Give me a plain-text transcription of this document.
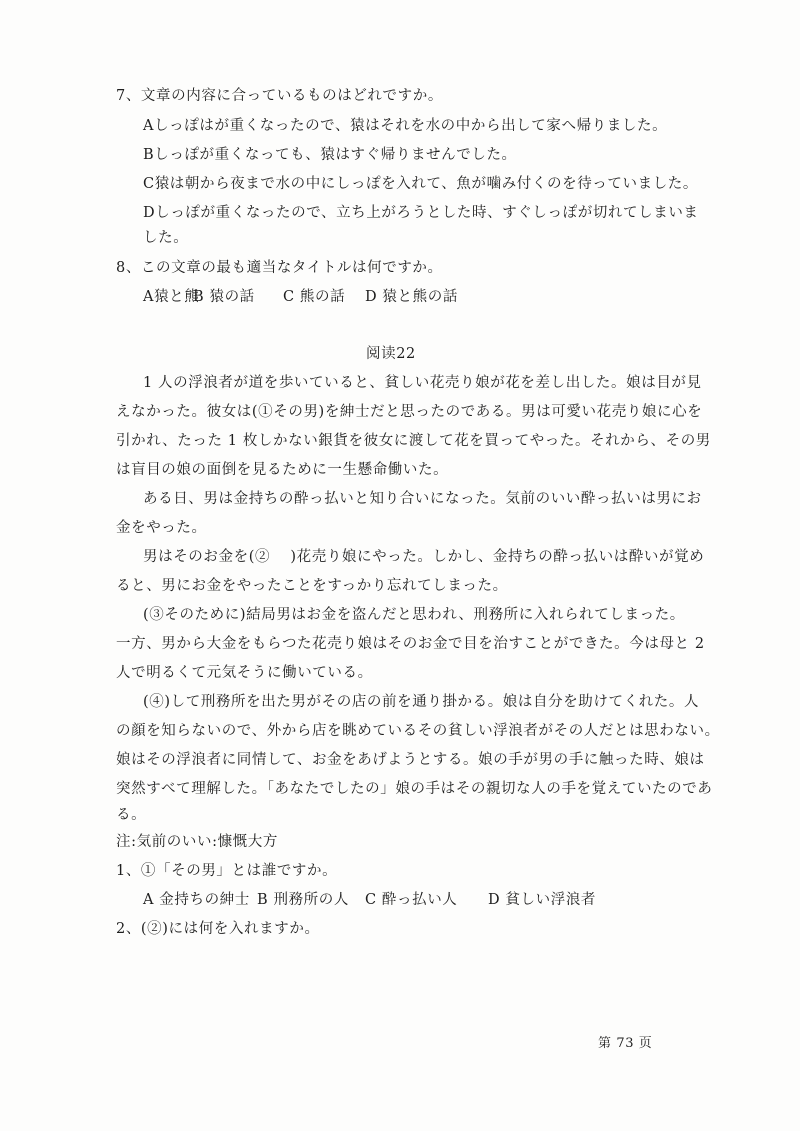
7、文章の内容に合っているものはどれですか。
Aしっぽはが重くなったので、猿はそれを水の中から出して家へ帰りました。
Bしっぽが重くなっても、猿はすぐ帰りませんでした。
C猿は朝から夜まで水の中にしっぽを入れて、魚が噛み付くのを待っていました。
Dしっぽが重くなったので、立ち上がろうとした時、すぐしっぽが切れてしまいま
した。
8、この文章の最も適当なタイトルは何ですか。
A猿と熊
B 猿の話 C 熊の話 D 猿と熊の話
阅读22
1 人の浮浪者が道を歩いていると、貧しい花売り娘が花を差し出した。娘は目が見
えなかった。彼女は(①その男)を紳士だと思ったのである。男は可愛い花売り娘に心を
引かれ、たった 1 枚しかない銀貨を彼女に渡して花を買ってやった。それから、その男
は盲目の娘の面倒を見るために一生懸命働いた。
ある日、男は金持ちの酔っ払いと知り合いになった。気前のいい酔っ払いは男にお
金をやった。
男はそのお金を(②　 )花売り娘にやった。しかし、金持ちの酔っ払いは酔いが覚め
ると、男にお金をやったことをすっかり忘れてしまった。
(③そのために)結局男はお金を盗んだと思われ、刑務所に入れられてしまった。
一方、男から大金をもらつた花売り娘はそのお金で目を治すことができた。今は母と 2
人で明るくて元気そうに働いている。
(④)して刑務所を出た男がその店の前を通り掛かる。娘は自分を助けてくれた。人
の顔を知らないので、外から店を眺めているその貧しい浮浪者がその人だとは思わない。
娘はその浮浪者に同情して、お金をあげようとする。娘の手が男の手に触った時、娘は
突然すべて理解した。「あなたでしたの」娘の手はその親切な人の手を覚えていたのであ
る。
注:気前のいい:慷慨大方
1、①「その男」とは誰ですか。
A 金持ちの紳士 B 刑務所の人 C 酔っ払い人 D 貧しい浮浪者
2、(②)には何を入れますか。
第 73 页
